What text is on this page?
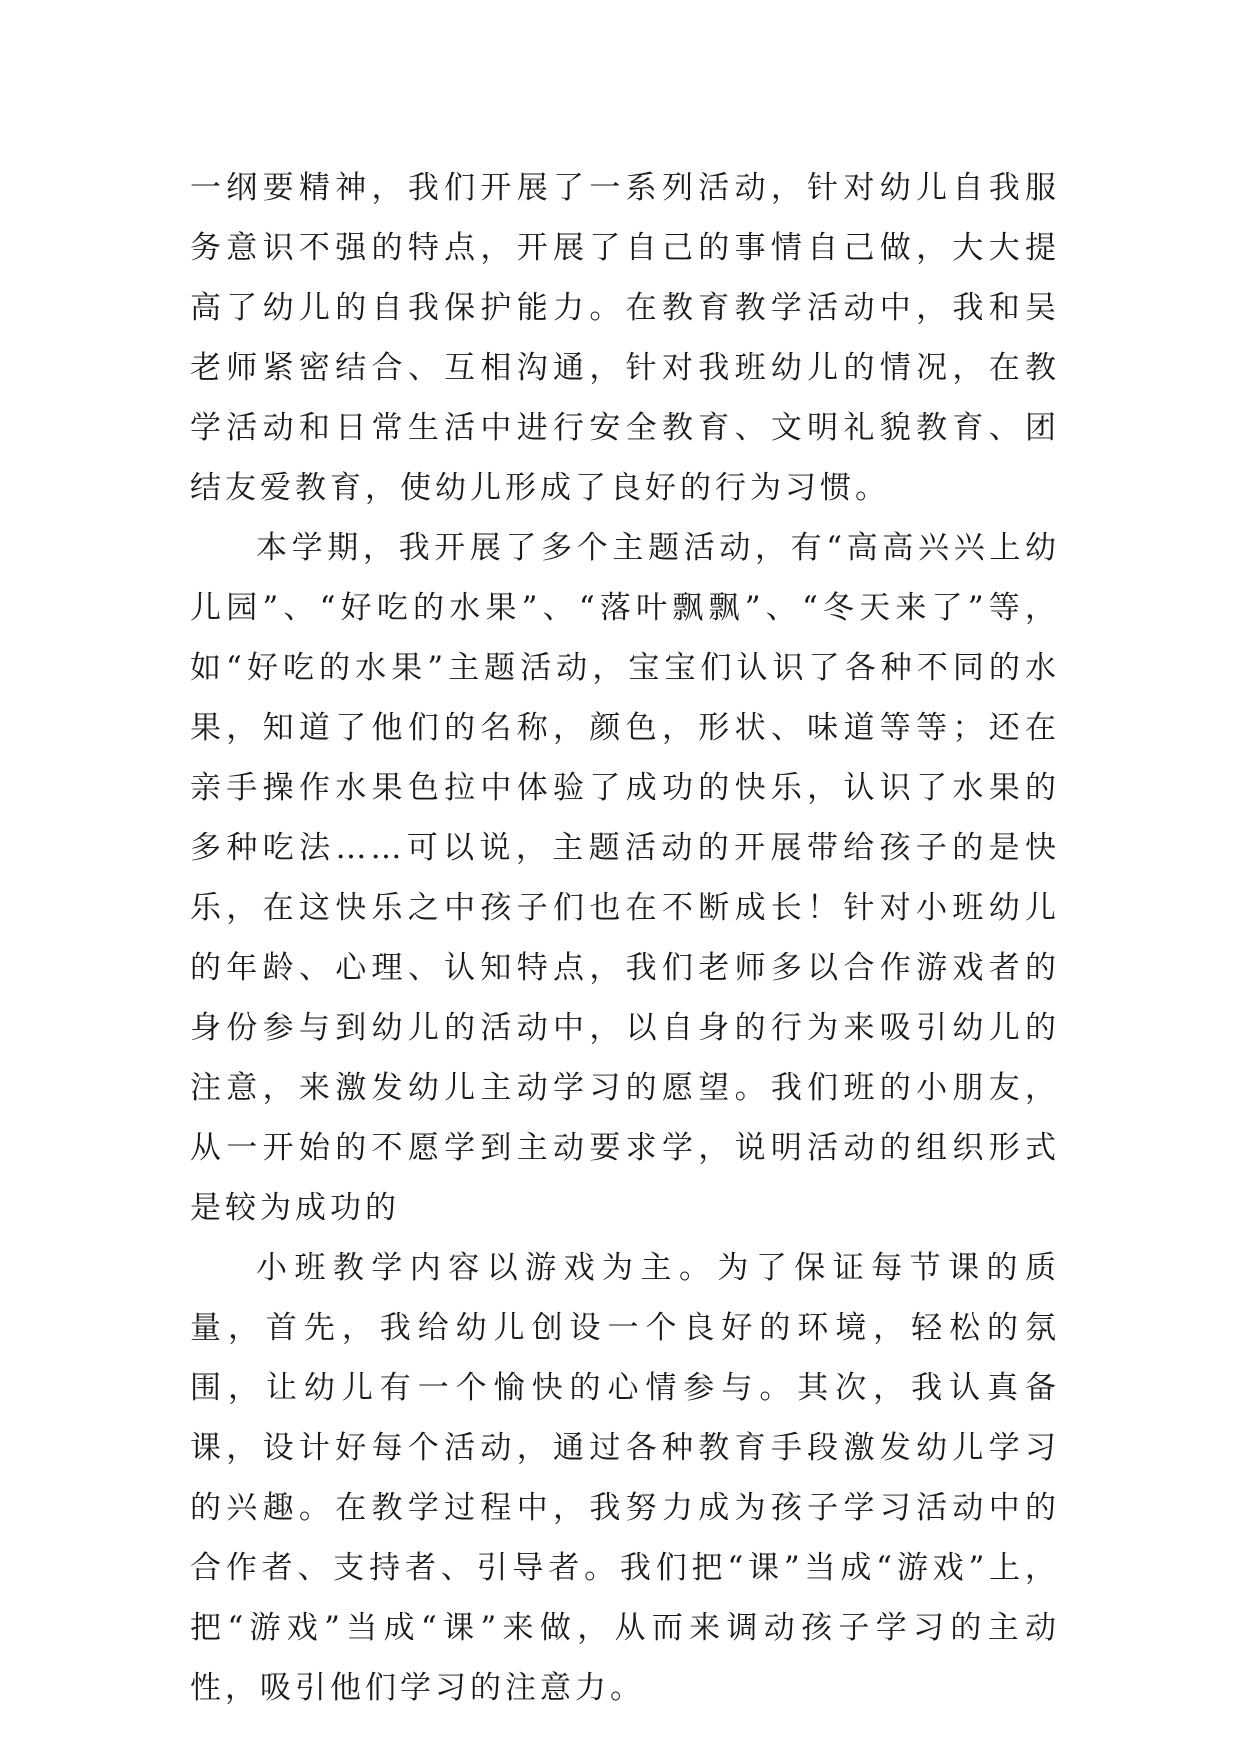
一纲要精神，我们开展了一系列活动，针对幼儿自我服务意识不强的特点，开展了自己的事情自己做，大大提高了幼儿的自我保护能力。在教育教学活动中，我和吴老师紧密结合、互相沟通，针对我班幼儿的情况，在教学活动和日常生活中进行安全教育、文明礼貌教育、团结友爱教育，使幼儿形成了良好的行为习惯。

本学期，我开展了多个主题活动，有“高高兴兴上幼儿园”、“好吃的水果”、“落叶飘飘”、“冬天来了”等，如“好吃的水果”主题活动，宝宝们认识了各种不同的水果，知道了他们的名称，颜色，形状、味道等等；还在亲手操作水果色拉中体验了成功的快乐，认识了水果的多种吃法……可以说，主题活动的开展带给孩子的是快乐，在这快乐之中孩子们也在不断成长！针对小班幼儿的年龄、心理、认知特点，我们老师多以合作游戏者的身份参与到幼儿的活动中，以自身的行为来吸引幼儿的注意，来激发幼儿主动学习的愿望。我们班的小朋友，从一开始的不愿学到主动要求学，说明活动的组织形式是较为成功的

小班教学内容以游戏为主。为了保证每节课的质量，首先，我给幼儿创设一个良好的环境，轻松的氛围，让幼儿有一个愉快的心情参与。其次，我认真备课，设计好每个活动，通过各种教育手段激发幼儿学习的兴趣。在教学过程中，我努力成为孩子学习活动中的合作者、支持者、引导者。我们把“课”当成“游戏”上，把“游戏”当成“课”来做，从而来调动孩子学习的主动性，吸引他们学习的注意力。
